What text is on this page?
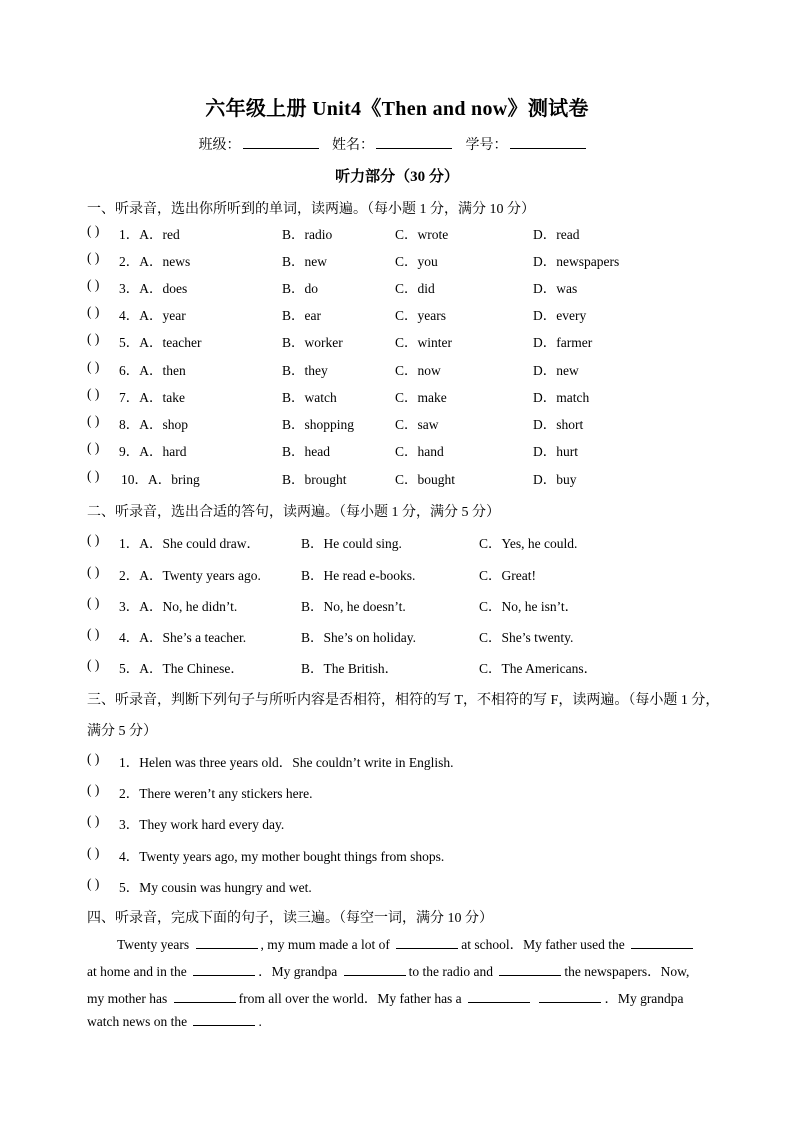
六年级上册 Unit4《Then and now》测试卷
班级：	姓名：	学号：
听力部分（30 分）
一、听录音，选出你所听到的单词，读两遍。（每小题 1 分，满分 10 分）
( ) 1．A．red	B．radio	C．wrote	D．read
( ) 2．A．news	B．new	C．you	D．newspapers
( ) 3．A．does	B．do	C．did	D．was
( ) 4．A．year	B．ear	C．years	D．every
( ) 5．A．teacher	B．worker	C．winter	D．farmer
( ) 6．A．then	B．they	C．now	D．new
( ) 7．A．take	B．watch	C．make	D．match
( ) 8．A．shop	B．shopping	C．saw	D．short
( ) 9．A．hard	B．head	C．hand	D．hurt
( ) 10．A．bring	B．brought	C．bought	D．buy
二、听录音，选出合适的答句，读两遍。（每小题 1 分，满分 5 分）
( ) 1．A．She could draw．	B．He could sing.	C．Yes, he could.
( ) 2．A．Twenty years ago.	B．He read e-books.	C．Great!
( ) 3．A．No, he didn’t.	B．No, he doesn’t.	C．No, he isn’t．
( ) 4．A．She’s a teacher.	B．She’s on holiday.	C．She’s twenty.
( ) 5．A．The Chinese．	B．The British．	C．The Americans．
三、听录音，判断下列句子与所听内容是否相符，相符的写 T，不相符的写 F，读两遍。（每小题 1 分，
满分 5 分）
( ) 1．Helen was three years old．She couldn’t write in English.
( ) 2．There weren’t any stickers here.
( ) 3．They work hard every day.
( ) 4．Twenty years ago, my mother bought things from shops.
( ) 5．My cousin was hungry and wet.
四、听录音，完成下面的句子，读三遍。（每空一词，满分 10 分）
Twenty years	, my mum made a lot of	at school．My father used the
at home and in the	．My grandpa	to the radio and	the newspapers．Now,
my mother has	from all over the world．My father has a	．My grandpa
watch news on the	.
